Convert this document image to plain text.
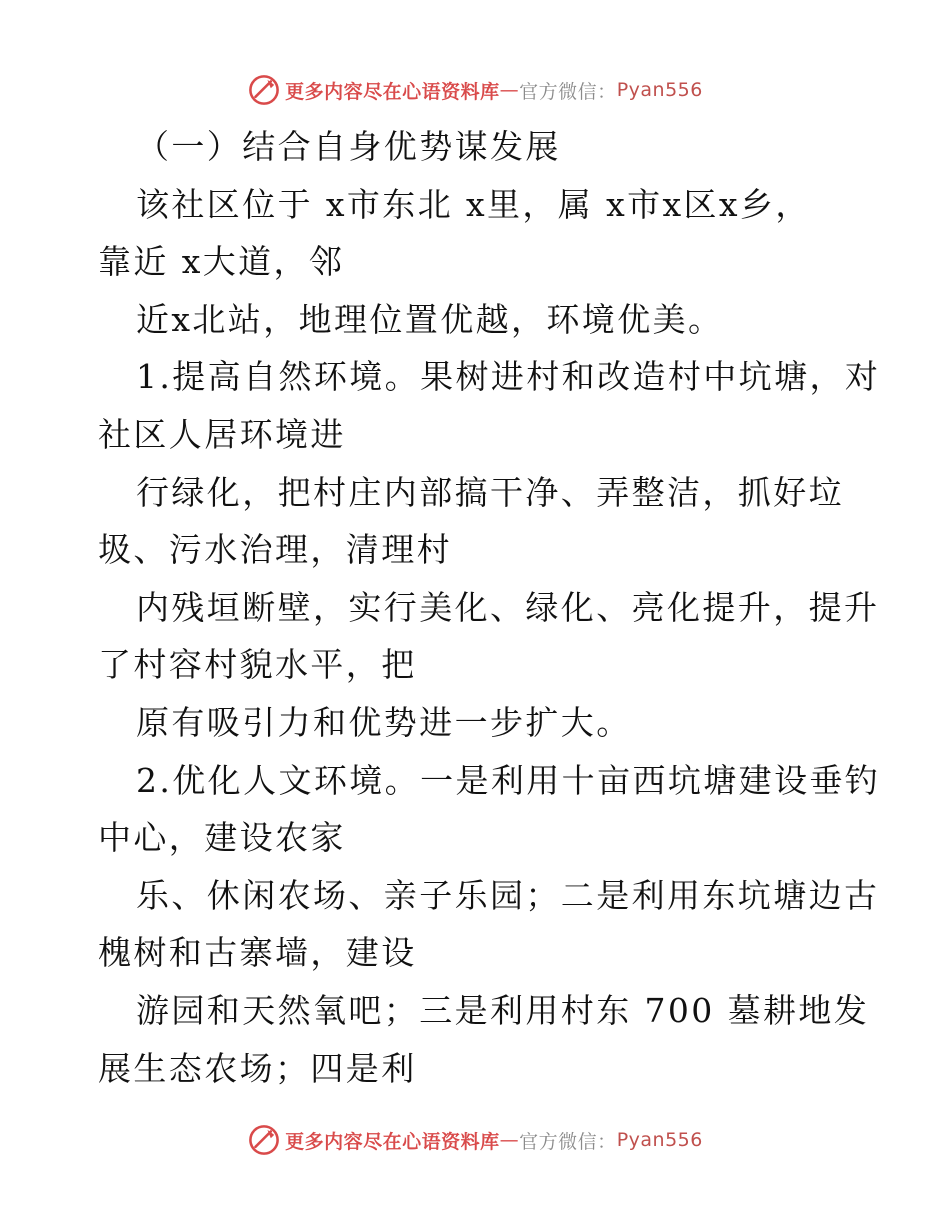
更多内容尽在心语资料库 — 官方微信： Pyan556
（一）结合自身优势谋发展
该社区位于 x市东北 x里，属 x市x区x乡，
靠近 x大道，邻
近x北站，地理位置优越，环境优美。
1.提高自然环境。果树进村和改造村中坑塘，对
社区人居环境进
行绿化，把村庄内部搞干净、弄整洁，抓好垃
圾、污水治理，清理村
内残垣断壁，实行美化、绿化、亮化提升，提升
了村容村貌水平，把
原有吸引力和优势进一步扩大。
2.优化人文环境。一是利用十亩西坑塘建设垂钓
中心，建设农家
乐、休闲农场、亲子乐园；二是利用东坑塘边古
槐树和古寨墙，建设
游园和天然氧吧；三是利用村东 700 墓耕地发
展生态农场；四是利
更多内容尽在心语资料库 — 官方微信： Pyan556
